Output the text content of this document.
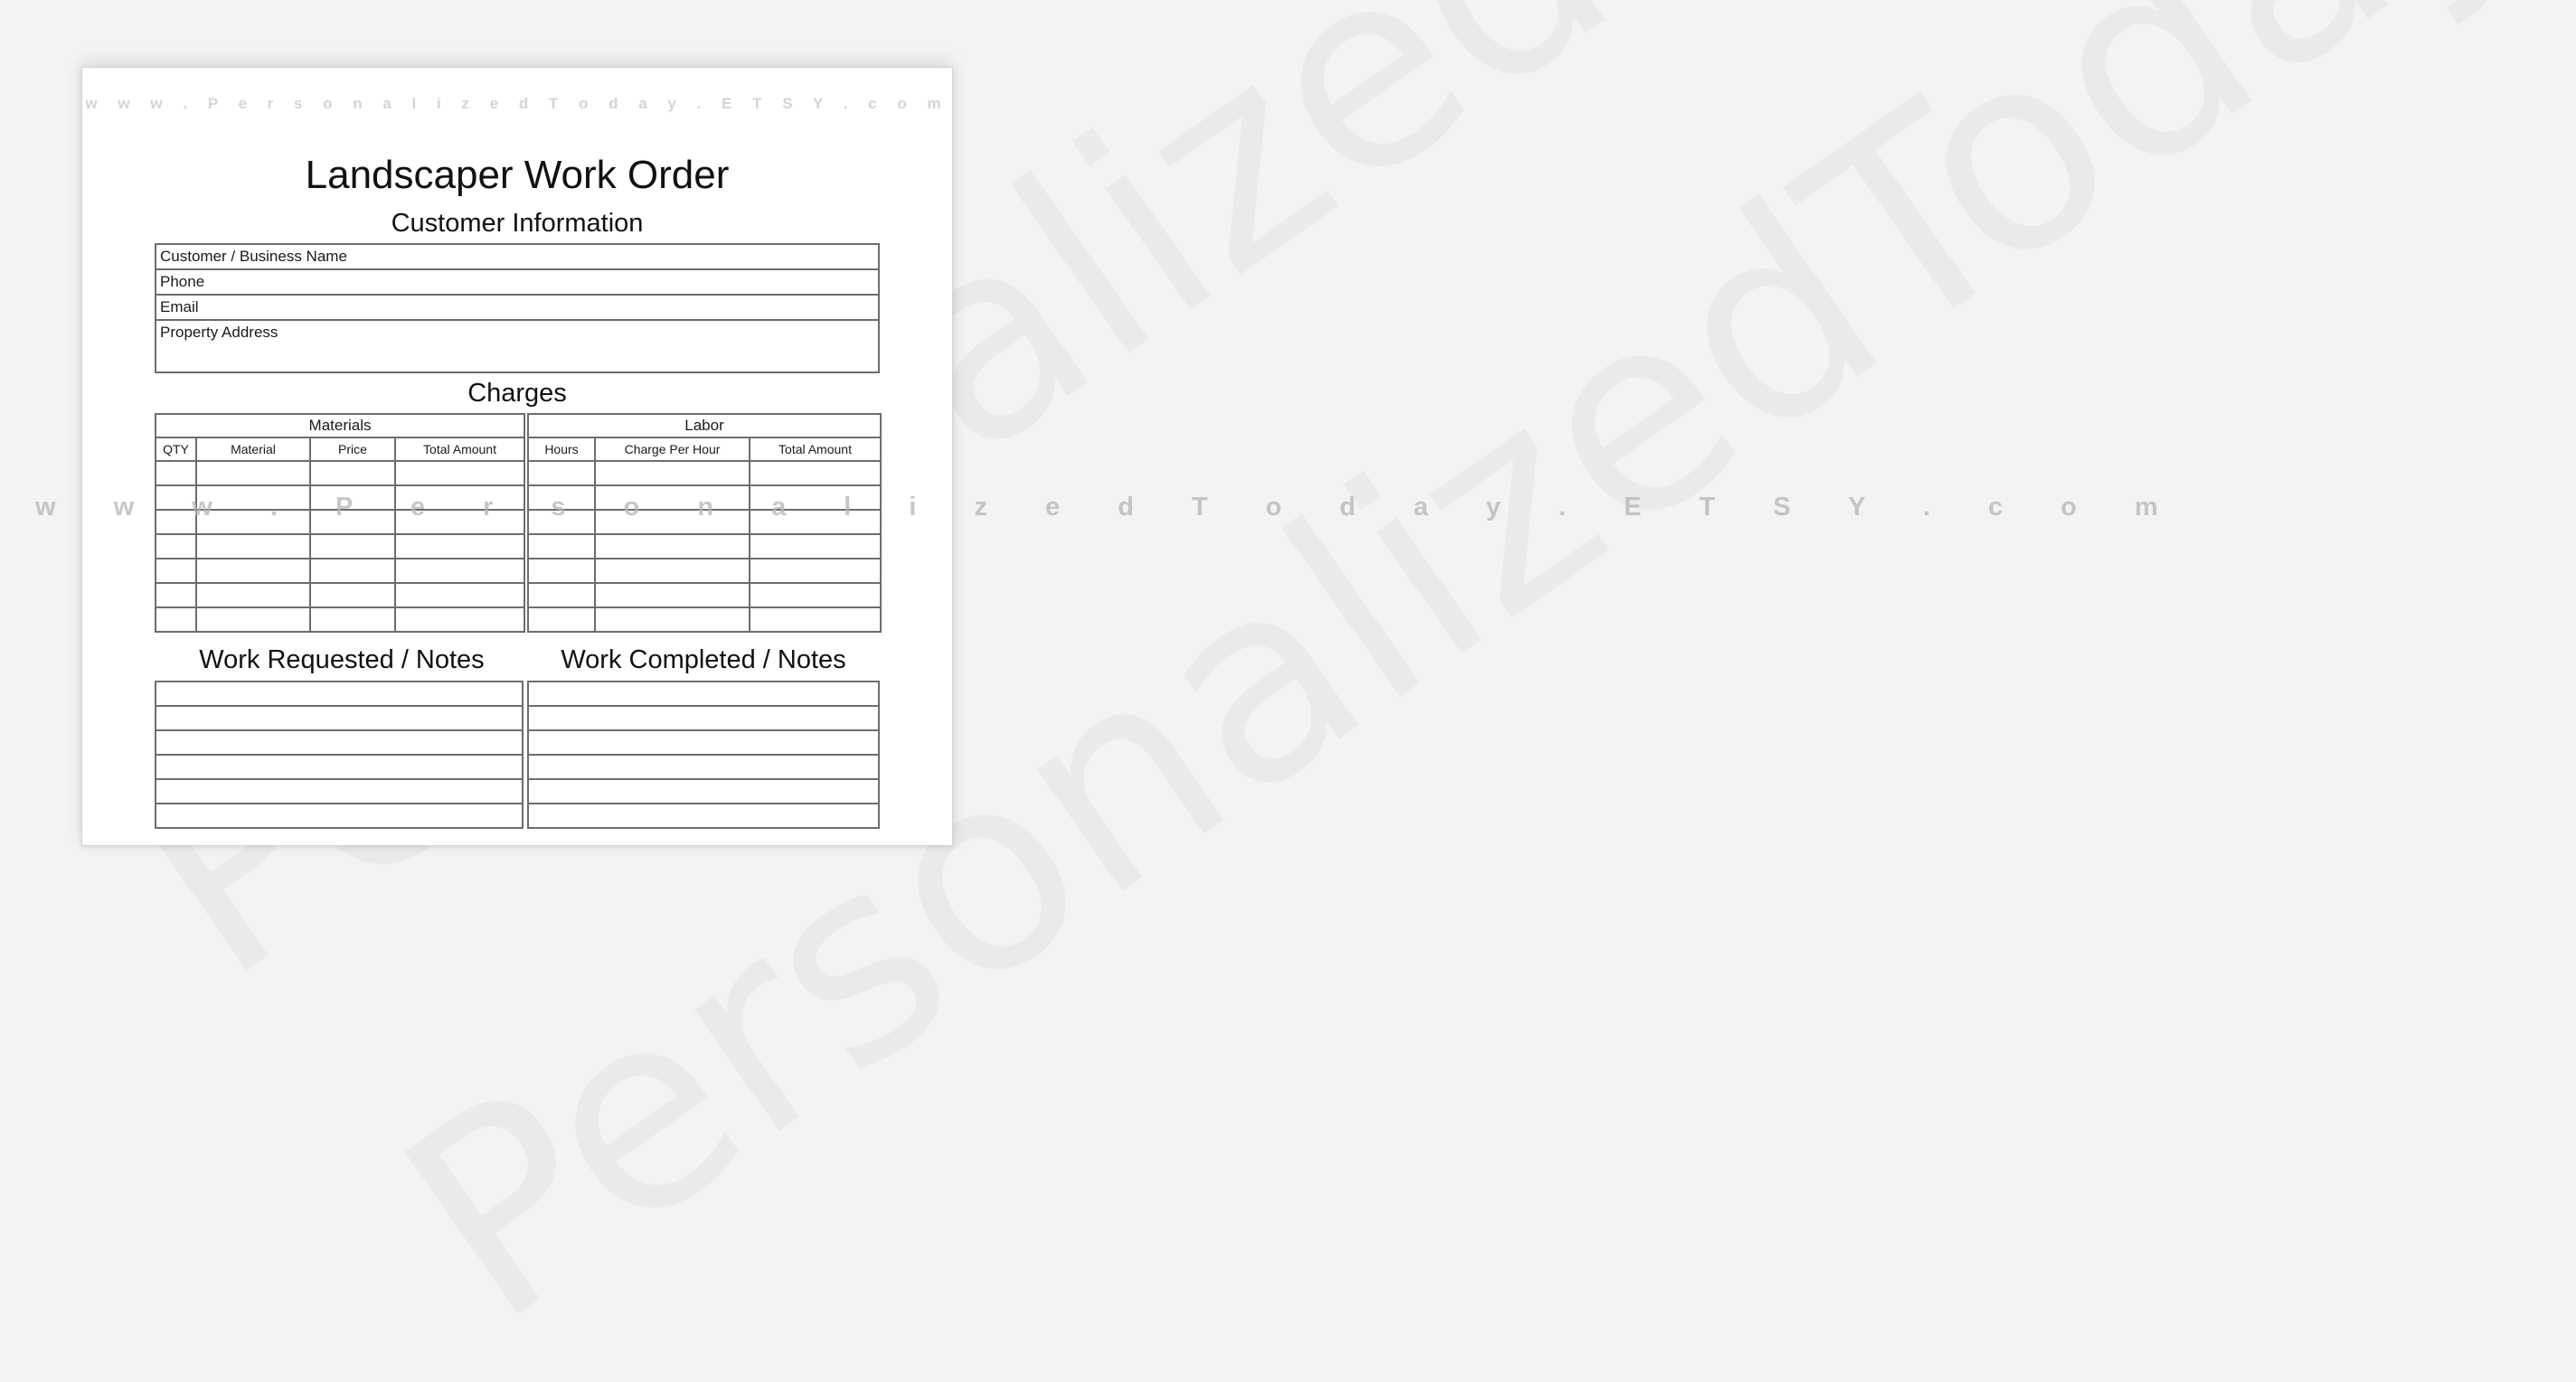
w w w . P e r s o n a l i z e d T o d a y . E T S Y . c o m
Landscaper Work Order
Customer Information
Customer / Business Name
Phone
Email
Property Address
Charges
Materials			
QTY	Material	Price	Total Amount

Labor		
Hours	Charge Per Hour	Total Amount

w w w . P e r s o n a l i z e d T o d a y . E T S Y . c o m
Work Requested / Notes	Work Completed / Notes
